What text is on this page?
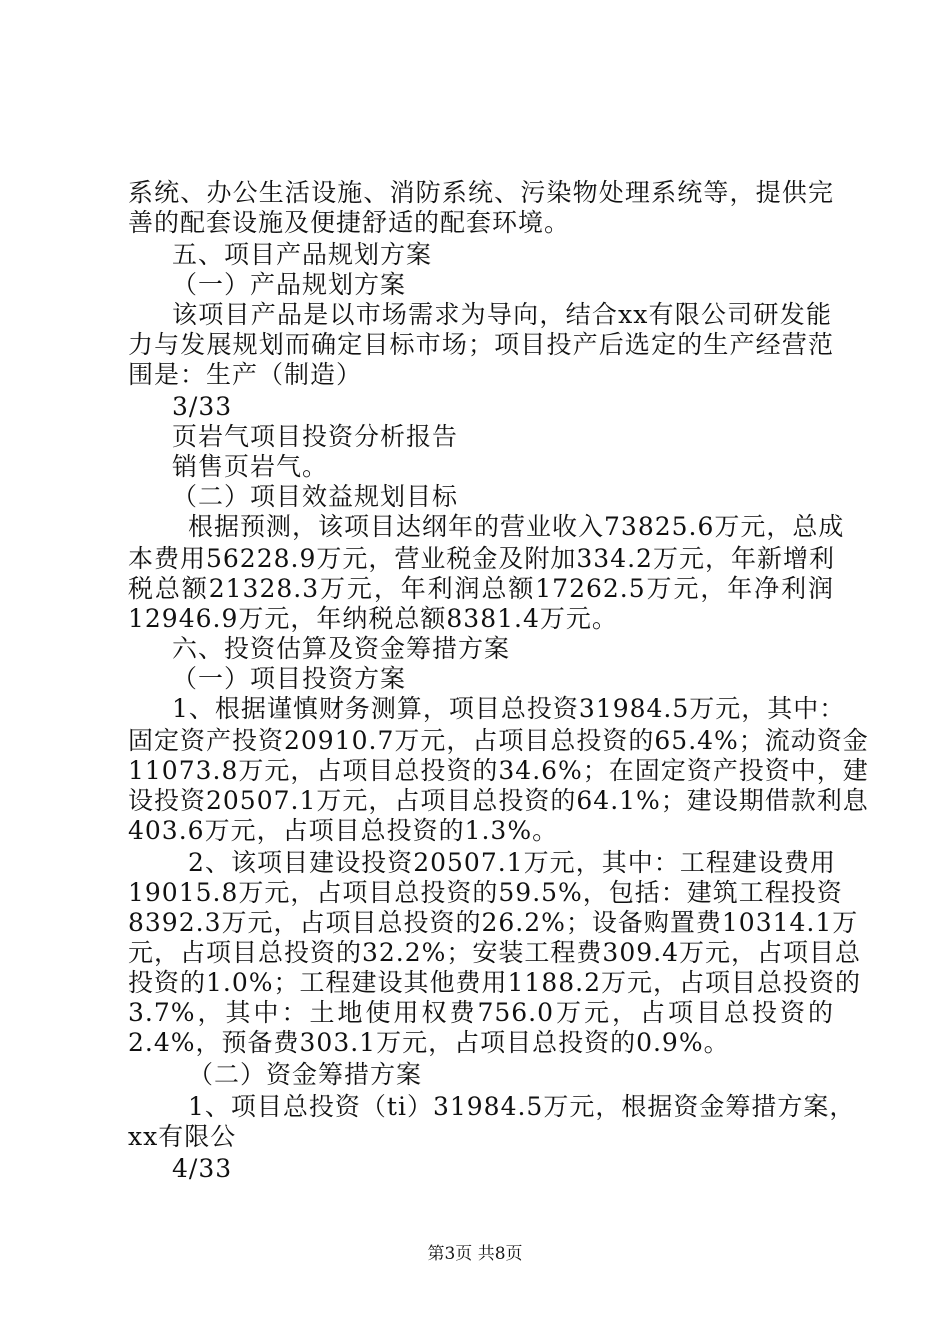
系统、办公生活设施、消防系统、污染物处理系统等，提供完
善的配套设施及便捷舒适的配套环境。
五、项目产品规划方案
（一）产品规划方案
该项目产品是以市场需求为导向，结合xx有限公司研发能
力与发展规划而确定目标市场；项目投产后选定的生产经营范
围是：生产（制造）
3/33
页岩气项目投资分析报告
销售页岩气。
（二）项目效益规划目标
根据预测，该项目达纲年的营业收入73825.6万元，总成
本费用56228.9万元，营业税金及附加334.2万元，年新增利
税总额21328.3万元，年利润总额17262.5万元，年净利润
12946.9万元，年纳税总额8381.4万元。
六、投资估算及资金筹措方案
（一）项目投资方案
1、根据谨慎财务测算，项目总投资31984.5万元，其中：
固定资产投资20910.7万元，占项目总投资的65.4%；流动资金
11073.8万元，占项目总投资的34.6%；在固定资产投资中，建
设投资20507.1万元，占项目总投资的64.1%；建设期借款利息
403.6万元，占项目总投资的1.3%。
2、该项目建设投资20507.1万元，其中：工程建设费用
19015.8万元，占项目总投资的59.5%，包括：建筑工程投资
8392.3万元，占项目总投资的26.2%；设备购置费10314.1万
元，占项目总投资的32.2%；安装工程费309.4万元，占项目总
投资的1.0%；工程建设其他费用1188.2万元，占项目总投资的
3.7%，其中：土地使用权费756.0万元，占项目总投资的
2.4%，预备费303.1万元，占项目总投资的0.9%。
（二）资金筹措方案
1、项目总投资（ti）31984.5万元，根据资金筹措方案，
xx有限公
4/33
第3页 共8页
